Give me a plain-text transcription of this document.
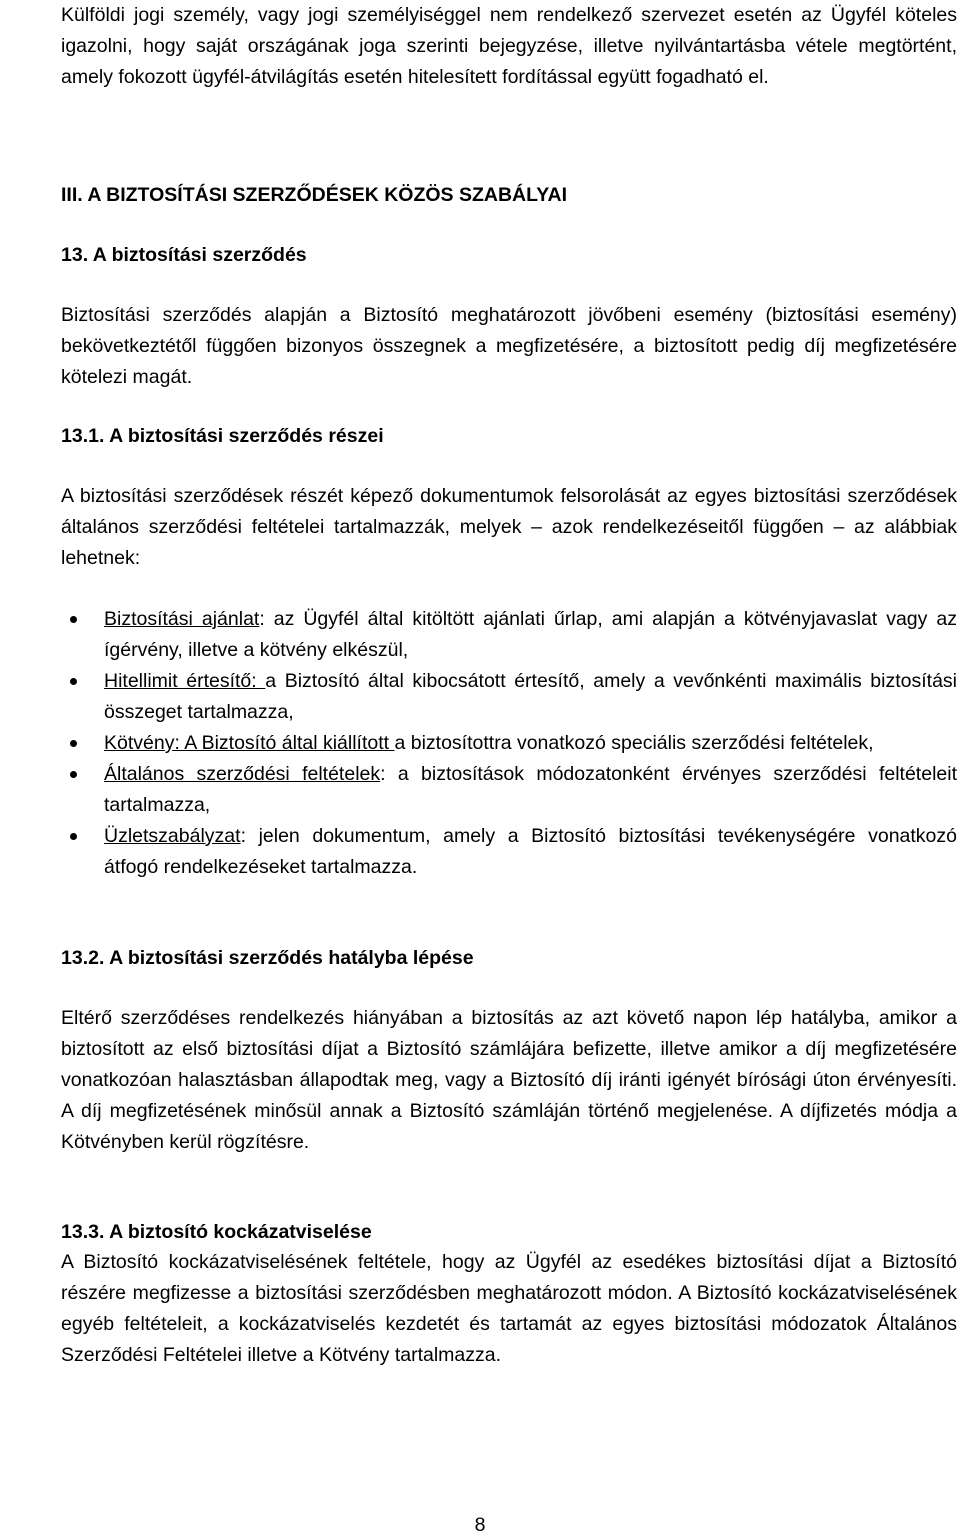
Külföldi jogi személy, vagy jogi személyiséggel nem rendelkező szervezet esetén az Ügyfél köteles igazolni, hogy saját országának joga szerinti bejegyzése, illetve nyilvántartásba vétele megtörtént, amely fokozott ügyfél-átvilágítás esetén hitelesített fordítással együtt fogadható el.

III. A BIZTOSÍTÁSI SZERZŐDÉSEK KÖZÖS SZABÁLYAI
13. A biztosítási szerződés

Biztosítási szerződés alapján a Biztosító meghatározott jövőbeni esemény (biztosítási esemény) bekövetkeztétől függően bizonyos összegnek a megfizetésére, a biztosított pedig díj megfizetésére kötelezi magát.

13.1. A biztosítási szerződés részei

A biztosítási szerződések részét képező dokumentumok felsorolását az egyes biztosítási szerződések általános szerződési feltételei tartalmazzák, melyek – azok rendelkezéseitől függően – az alábbiak lehetnek:

Biztosítási ajánlat: az Ügyfél által kitöltött ajánlati űrlap, ami alapján a kötvényjavaslat vagy az ígérvény, illetve a kötvény elkészül,
Hitellimit értesítő: a Biztosító által kibocsátott értesítő, amely a vevőnkénti maximális biztosítási összeget tartalmazza,
Kötvény: A Biztosító által kiállított a biztosítottra vonatkozó speciális szerződési feltételek,
Általános szerződési feltételek: a biztosítások módozatonként érvényes szerződési feltételeit tartalmazza,
Üzletszabályzat: jelen dokumentum, amely a Biztosító biztosítási tevékenységére vonatkozó átfogó rendelkezéseket tartalmazza.
13.2. A biztosítási szerződés hatályba lépése

Eltérő szerződéses rendelkezés hiányában a biztosítás az azt követő napon lép hatályba, amikor a biztosított az első biztosítási díjat a Biztosító számlájára befizette, illetve amikor a díj megfizetésére vonatkozóan halasztásban állapodtak meg, vagy a Biztosító díj iránti igényét bírósági úton érvényesíti. A díj megfizetésének minősül annak a Biztosító számláján történő megjelenése. A díjfizetés módja a Kötvényben kerül rögzítésre.

13.3. A biztosító kockázatviselése

A Biztosító kockázatviselésének feltétele, hogy az Ügyfél az esedékes biztosítási díjat a Biztosító részére megfizesse a biztosítási szerződésben meghatározott módon. A Biztosító kockázatviselésének egyéb feltételeit, a kockázatviselés kezdetét és tartamát az egyes biztosítási módozatok Általános Szerződési Feltételei illetve a Kötvény tartalmazza.

8
